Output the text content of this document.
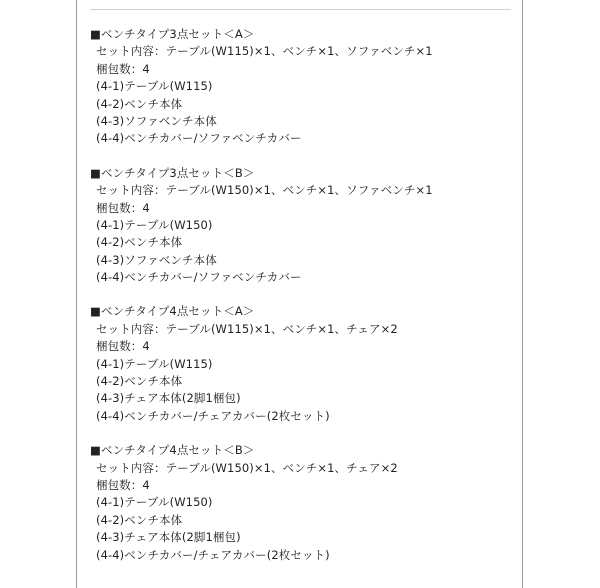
■ベンチタイプ3点セット＜A＞
セット内容：テーブル(W115)×1、ベンチ×1、ソファベンチ×1
梱包数：4
(4-1)テーブル(W115)
(4-2)ベンチ本体
(4-3)ソファベンチ本体
(4-4)ベンチカバー/ソファベンチカバー
■ベンチタイプ3点セット＜B＞
セット内容：テーブル(W150)×1、ベンチ×1、ソファベンチ×1
梱包数：4
(4-1)テーブル(W150)
(4-2)ベンチ本体
(4-3)ソファベンチ本体
(4-4)ベンチカバー/ソファベンチカバー
■ベンチタイプ4点セット＜A＞
セット内容：テーブル(W115)×1、ベンチ×1、チェア×2
梱包数：4
(4-1)テーブル(W115)
(4-2)ベンチ本体
(4-3)チェア本体(2脚1梱包)
(4-4)ベンチカバー/チェアカバー(2枚セット)
■ベンチタイプ4点セット＜B＞
セット内容：テーブル(W150)×1、ベンチ×1、チェア×2
梱包数：4
(4-1)テーブル(W150)
(4-2)ベンチ本体
(4-3)チェア本体(2脚1梱包)
(4-4)ベンチカバー/チェアカバー(2枚セット)
